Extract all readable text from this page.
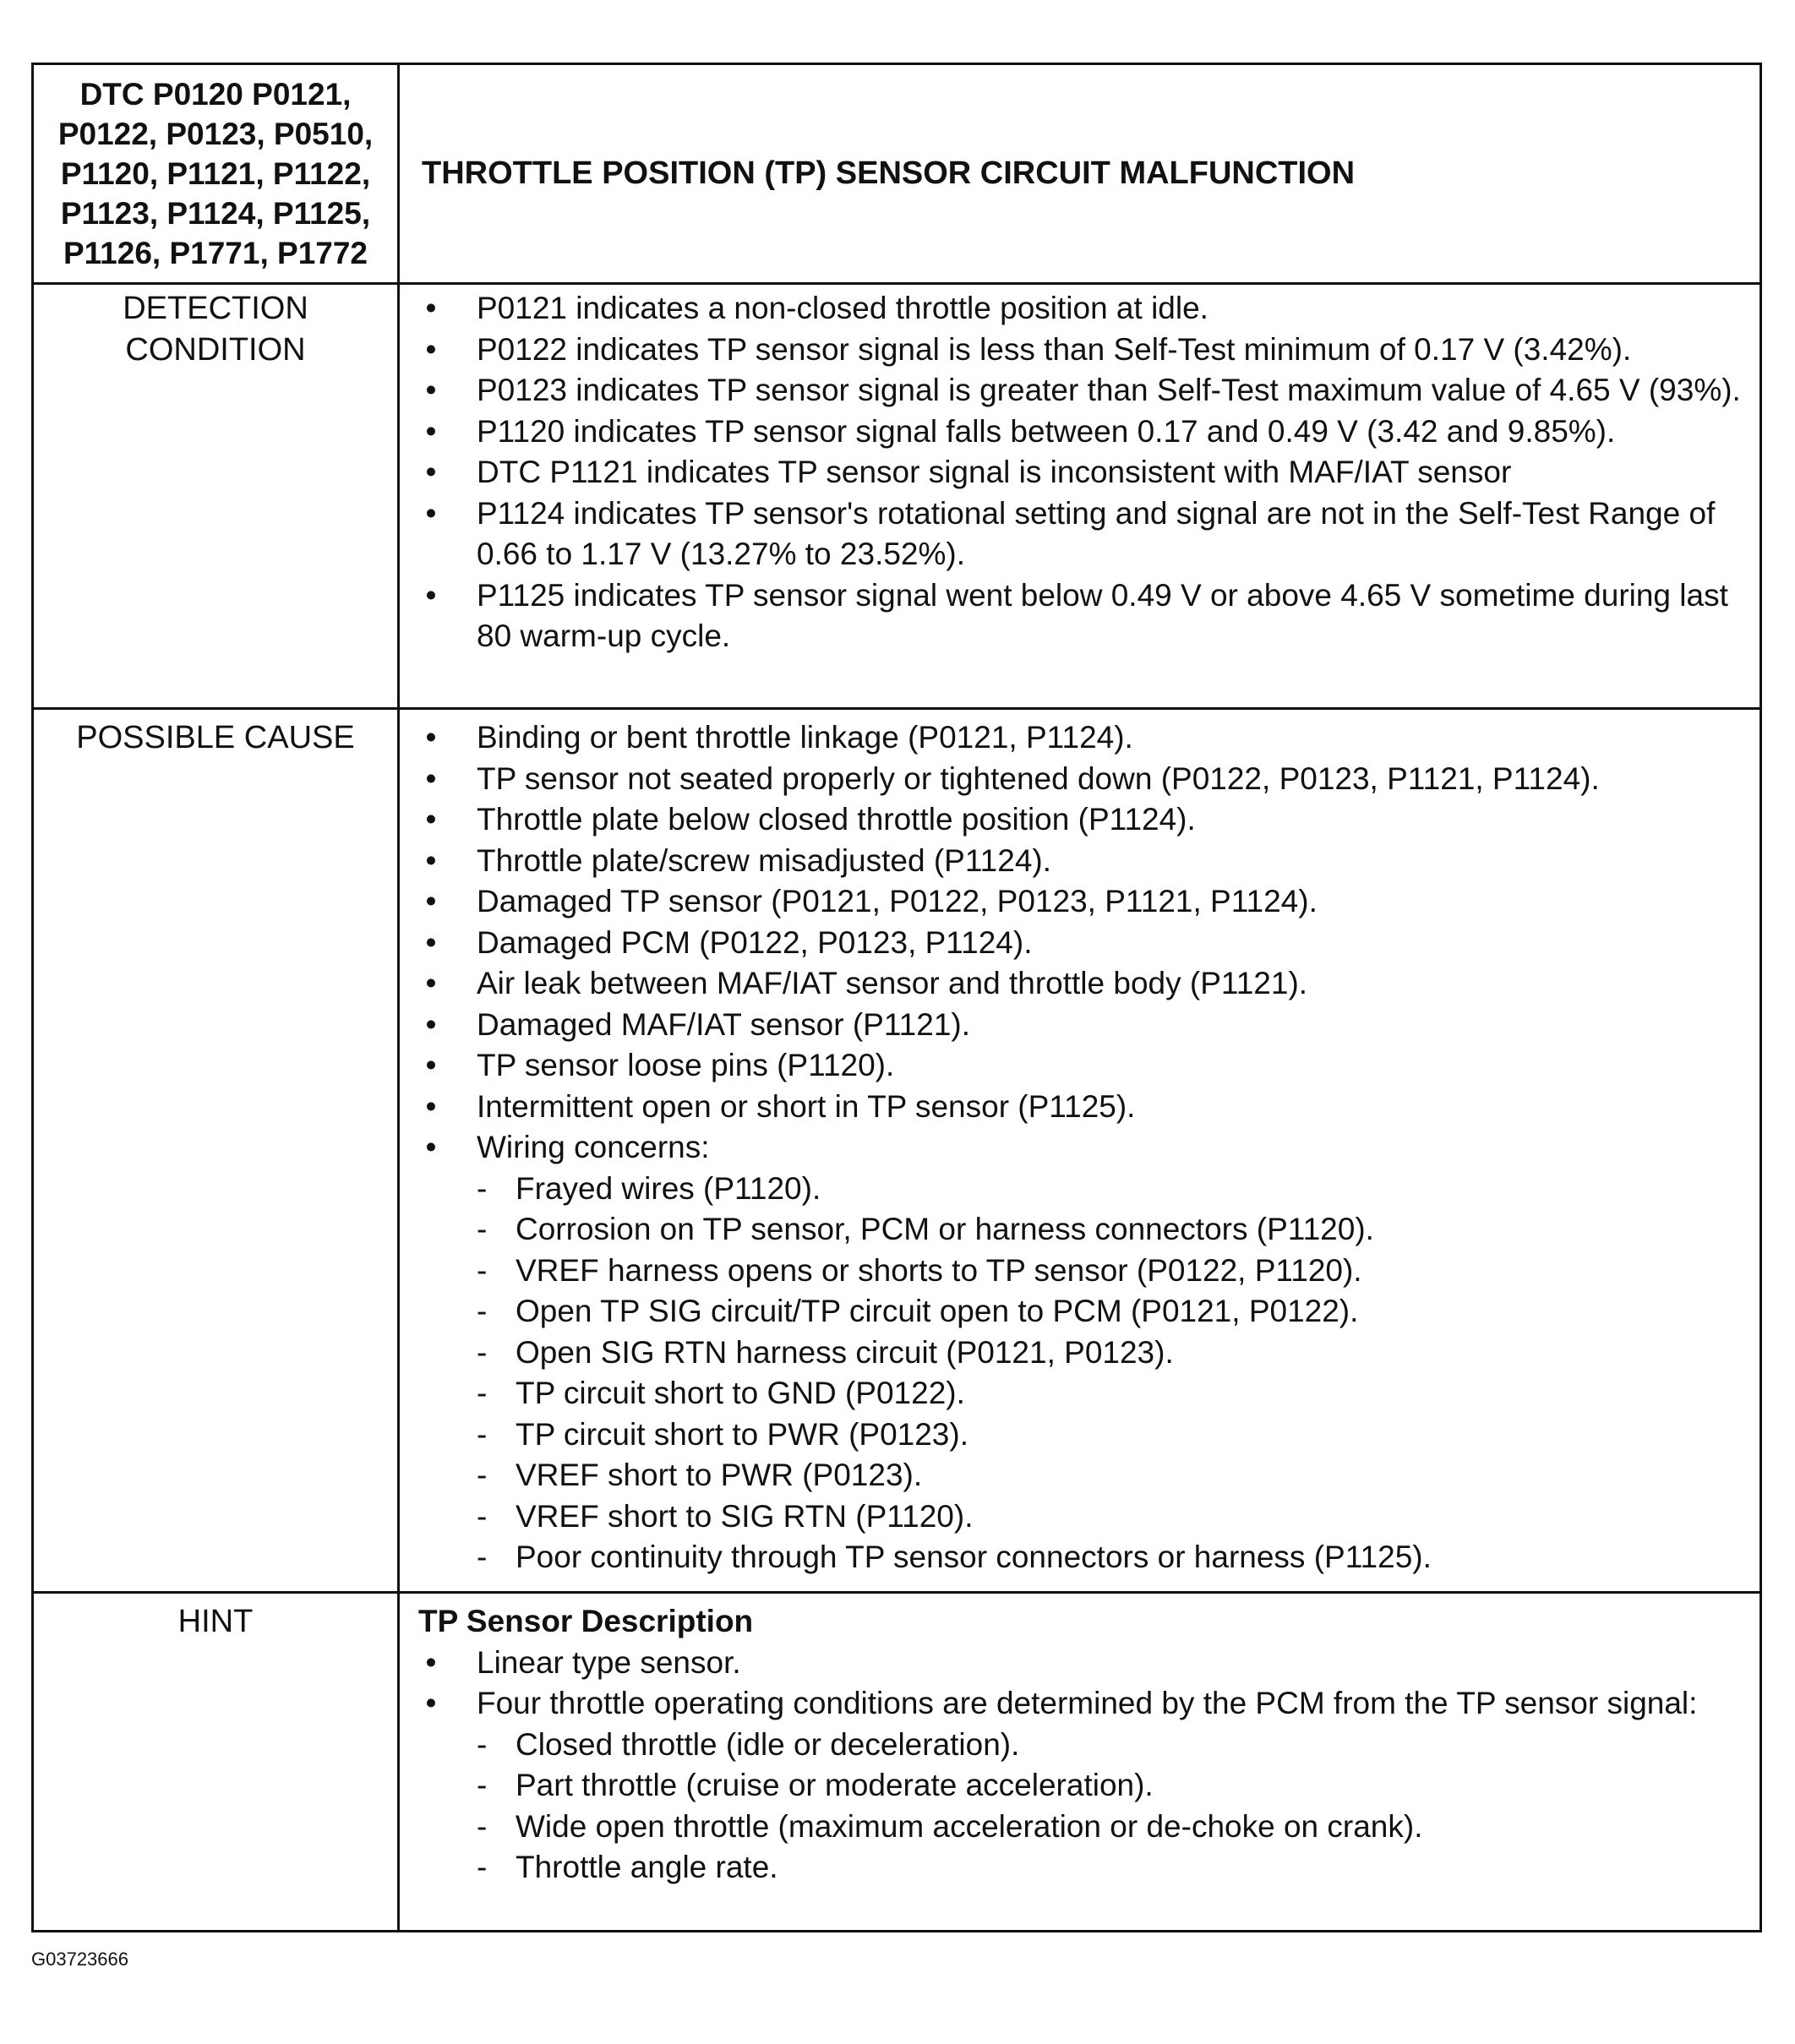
DTC P0120 P0121, P0122, P0123, P0510, P1120, P1121, P1122, P1123, P1124, P1125, P1126, P1771, P1772
THROTTLE POSITION (TP) SENSOR CIRCUIT MALFUNCTION
DETECTION
CONDITION
• P0121 indicates a non-closed throttle position at idle.
• P0122 indicates TP sensor signal is less than Self-Test minimum of 0.17 V (3.42%).
• P0123 indicates TP sensor signal is greater than Self-Test maximum value of 4.65 V (93%).
• P1120 indicates TP sensor signal falls between 0.17 and 0.49 V (3.42 and 9.85%).
• DTC P1121 indicates TP sensor signal is inconsistent with MAF/IAT sensor
• P1124 indicates TP sensor's rotational setting and signal are not in the Self-Test Range of 0.66 to 1.17 V (13.27% to 23.52%).
• P1125 indicates TP sensor signal went below 0.49 V or above 4.65 V sometime during last 80 warm-up cycle.
POSSIBLE CAUSE	• Binding or bent throttle linkage (P0121, P1124).
• TP sensor not seated properly or tightened down (P0122, P0123, P1121, P1124).
• Throttle plate below closed throttle position (P1124).
• Throttle plate/screw misadjusted (P1124).
• Damaged TP sensor (P0121, P0122, P0123, P1121, P1124).
• Damaged PCM (P0122, P0123, P1124).
• Air leak between MAF/IAT sensor and throttle body (P1121).
• Damaged MAF/IAT sensor (P1121).
• TP sensor loose pins (P1120).
• Intermittent open or short in TP sensor (P1125).
• Wiring concerns:
- Frayed wires (P1120).
- Corrosion on TP sensor, PCM or harness connectors (P1120).
- VREF harness opens or shorts to TP sensor (P0122, P1120).
- Open TP SIG circuit/TP circuit open to PCM (P0121, P0122).
- Open SIG RTN harness circuit (P0121, P0123).
- TP circuit short to GND (P0122).
- TP circuit short to PWR (P0123).
- VREF short to PWR (P0123).
- VREF short to SIG RTN (P1120).
- Poor continuity through TP sensor connectors or harness (P1125).
HINT	TP Sensor Description
• Linear type sensor.
• Four throttle operating conditions are determined by the PCM from the TP sensor signal:
- Closed throttle (idle or deceleration).
- Part throttle (cruise or moderate acceleration).
- Wide open throttle (maximum acceleration or de-choke on crank).
- Throttle angle rate.
G03723666
